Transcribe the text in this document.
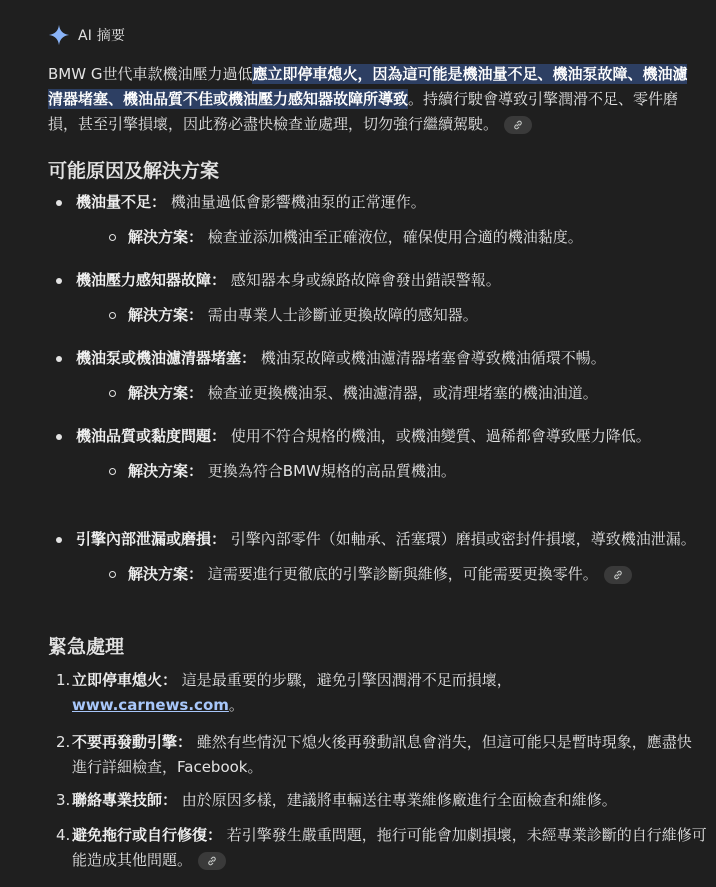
AI 摘要
BMW G世代車款機油壓力過低應立即停車熄火，因為這可能是機油量不足、機油泵故障、機油濾清器堵塞、機油品質不佳或機油壓力感知器故障所導致。持續行駛會導致引擎潤滑不足、零件磨損，甚至引擎損壞，因此務必盡快檢查並處理，切勿強行繼續駕駛。
可能原因及解決方案
機油量不足： 機油量過低會影響機油泵的正常運作。
解決方案： 檢查並添加機油至正確液位，確保使用合適的機油黏度。
機油壓力感知器故障： 感知器本身或線路故障會發出錯誤警報。
解決方案： 需由專業人士診斷並更換故障的感知器。
機油泵或機油濾清器堵塞： 機油泵故障或機油濾清器堵塞會導致機油循環不暢。
解決方案： 檢查並更換機油泵、機油濾清器，或清理堵塞的機油油道。
機油品質或黏度問題： 使用不符合規格的機油，或機油變質、過稀都會導致壓力降低。
解決方案： 更換為符合BMW規格的高品質機油。
引擎內部泄漏或磨損： 引擎內部零件（如軸承、活塞環）磨損或密封件損壞，導致機油泄漏。
解決方案： 這需要進行更徹底的引擎診斷與維修，可能需要更換零件。
緊急處理
1. 立即停車熄火： 這是最重要的步驟，避免引擎因潤滑不足而損壞，
www.carnews.com。
2. 不要再發動引擎： 雖然有些情況下熄火後再發動訊息會消失，但這可能只是暫時現象，應盡快進行詳細檢查，Facebook。
3. 聯絡專業技師： 由於原因多樣，建議將車輛送往專業維修廠進行全面檢查和維修。
4. 避免拖行或自行修復： 若引擎發生嚴重問題，拖行可能會加劇損壞，未經專業診斷的自行維修可能造成其他問題。
